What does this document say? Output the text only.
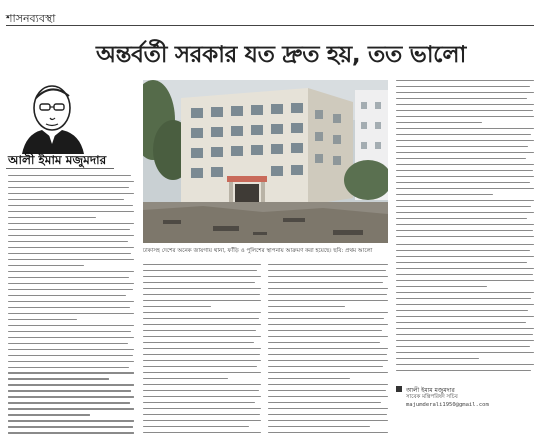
শাসনব্যবস্থা
অন্তর্বর্তী সরকার যত দ্রুত হয়, তত ভালো
আলী ইমাম মজুমদার
ঢাকাসহ দেশের অনেক জায়গায় থানা, ফাঁড়ি ও পুলিশের স্থাপনায় আক্রমণ করা হয়েছে। ছবি: প্রথম আলো
আলী ইমাম মজুমদার
সাবেক মন্ত্রিপরিষদ সচিব
majumderali1950@gmail.com
